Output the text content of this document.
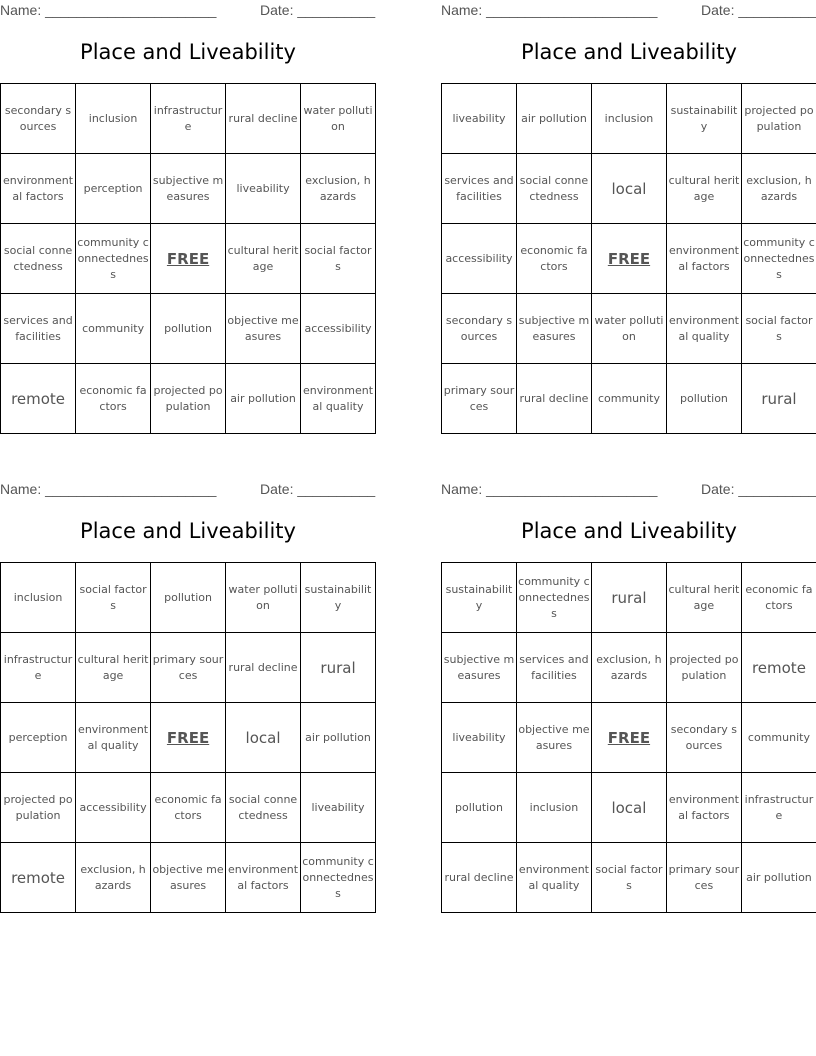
Name: ______________________	Date: __________
Place and Liveability
secondary sources	inclusion	infrastructure	rural decline	water pollution
environmental factors	perception	subjective measures	liveability	exclusion, hazards
social connectedness	community connectedness	FREE	cultural heritage	social factors
services and facilities	community	pollution	objective measures	accessibility
remote	economic factors	projected population	air pollution	environmental quality
Name: ______________________	Date: __________
Place and Liveability
liveability	air pollution	inclusion	sustainability	projected population
services and facilities	social connectedness	local	cultural heritage	exclusion, hazards
accessibility	economic factors	FREE	environmental factors	community connectedness
secondary sources	subjective measures	water pollution	environmental quality	social factors
primary sources	rural decline	community	pollution	rural
Name: ______________________	Date: __________
Place and Liveability
inclusion	social factors	pollution	water pollution	sustainability
infrastructure	cultural heritage	primary sources	rural decline	rural
perception	environmental quality	FREE	local	air pollution
projected population	accessibility	economic factors	social connectedness	liveability
remote	exclusion, hazards	objective measures	environmental factors	community connectedness
Name: ______________________	Date: __________
Place and Liveability
sustainability	community connectedness	rural	cultural heritage	economic factors
subjective measures	services and facilities	exclusion, hazards	projected population	remote
liveability	objective measures	FREE	secondary sources	community
pollution	inclusion	local	environmental factors	infrastructure
rural decline	environmental quality	social factors	primary sources	air pollution
